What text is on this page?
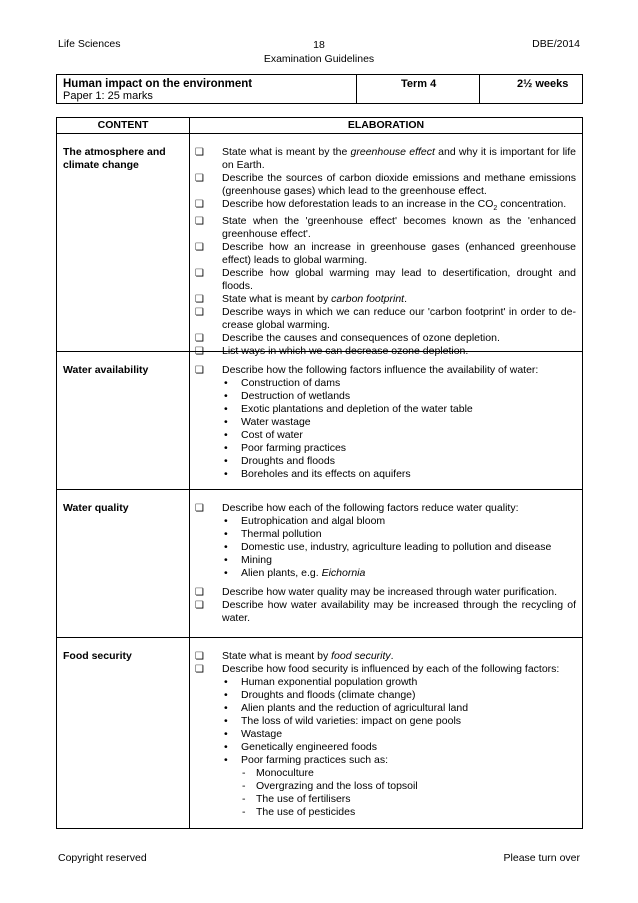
Life Sciences	18
Examination Guidelines
DBE/2014
Human impact on the environment
Paper 1: 25 marks
Term 4	2½ weeks
CONTENT	ELABORATION
The atmosphere and climate change
❏ State what is meant by the greenhouse effect and why it is important for life on Earth.
❏ Describe the sources of carbon dioxide emissions and methane emissions (greenhouse gases) which lead to the greenhouse effect.
❏ Describe how deforestation leads to an increase in the $CO_2$ concentration.
❏ State when the 'greenhouse effect' becomes known as the 'enhanced greenhouse effect'.
❏ Describe how an increase in greenhouse gases (enhanced greenhouse effect) leads to global warming.
❏ Describe how global warming may lead to desertification, drought and floods.
❏ State what is meant by carbon footprint.
❏ Describe ways in which we can reduce our 'carbon footprint' in order to de-crease global warming.
❏ Describe the causes and consequences of ozone depletion.
❏ List ways in which we can decrease ozone depletion.
Water availability	❏ Describe how the following factors influence the availability of water:
• Construction of dams
• Destruction of wetlands
• Exotic plantations and depletion of the water table
• Water wastage
• Cost of water
• Poor farming practices
• Droughts and floods
• Boreholes and its effects on aquifers
Water quality	❏ Describe how each of the following factors reduce water quality:
• Eutrophication and algal bloom
• Thermal pollution
• Domestic use, industry, agriculture leading to pollution and disease
• Mining
• Alien plants, e.g. Eichornia
❏ Describe how water quality may be increased through water purification.
❏ Describe how water availability may be increased through the recycling of water.
Food security	❏ State what is meant by food security.
❏ Describe how food security is influenced by each of the following factors:
• Human exponential population growth
• Droughts and floods (climate change)
• Alien plants and the reduction of agricultural land
• The loss of wild varieties: impact on gene pools
• Wastage
• Genetically engineered foods
• Poor farming practices such as:
- Monoculture
- Overgrazing and the loss of topsoil
- The use of fertilisers
- The use of pesticides
Copyright reserved	Please turn over
